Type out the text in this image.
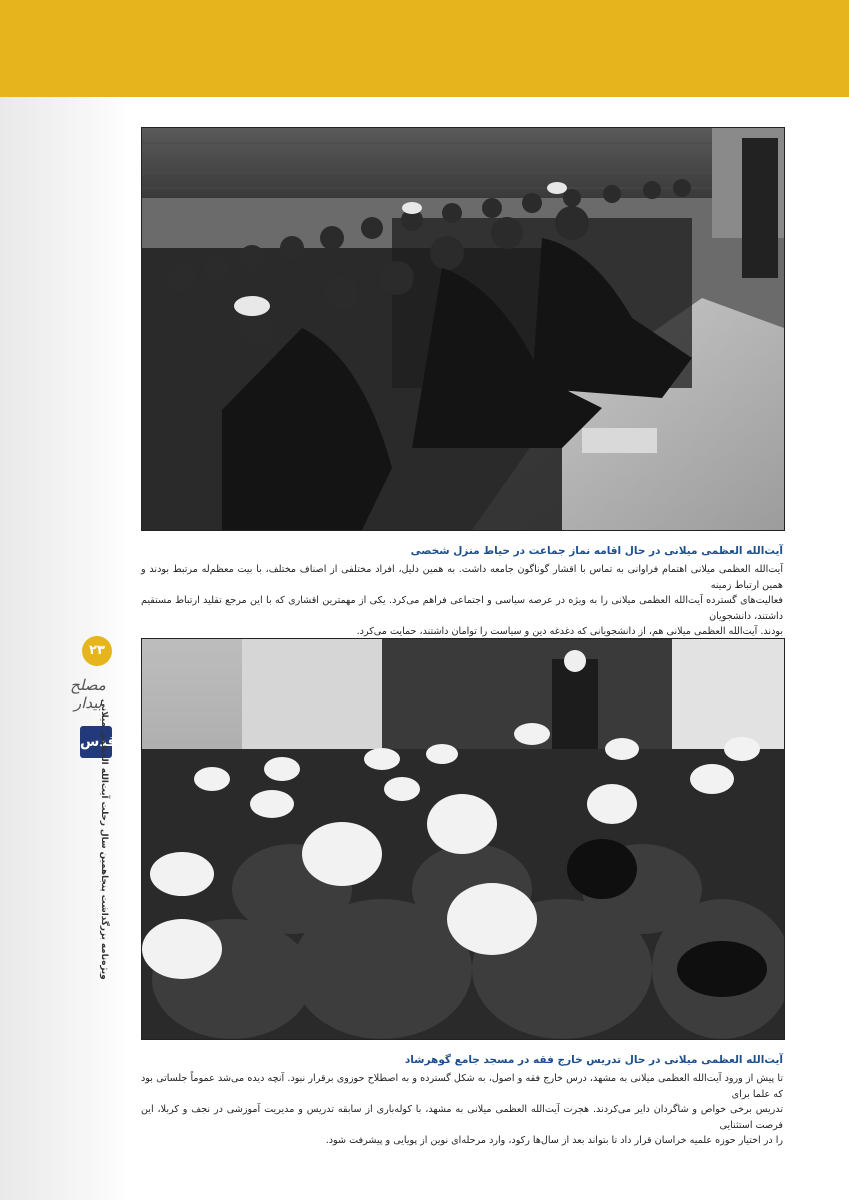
آیت‌الله العظمی میلانی در حال اقامه نماز جماعت در حیاط منزل شخصی

آیت‌الله العظمی میلانی اهتمام فراوانی به تماس با اقشار گوناگون جامعه داشت. به همین دلیل، افراد مختلفی از اصناف مختلف، با بیت معظم‌له مرتبط بودند و همین ارتباط زمینه

فعالیت‌های گسترده آیت‌الله العظمی میلانی را به ویژه در عرصه سیاسی و اجتماعی فراهم می‌کرد. یکی از مهمترین اقشاری که با این مرجع تقلید ارتباط مستقیم داشتند، دانشجویان

بودند. آیت‌الله العظمی میلانی هم، از دانشجویانی که دغدغه دین و سیاست را توامان داشتند، حمایت می‌کرد.

آیت‌الله العظمی میلانی در حال تدریس خارج فقه در مسجد جامع گوهرشاد

تا پیش از ورود آیت‌الله العظمی میلانی به مشهد، درس خارج فقه و اصول، به شکل گسترده و به اصطلاح حوزوی برقرار نبود. آنچه دیده می‌شد عموماً جلساتی بود که علما برای

تدریس برخی خواص و شاگردان دایر می‌کردند. هجرت آیت‌الله العظمی میلانی به مشهد، با کوله‌باری از سابقه تدریس و مدیریت آموزشی در نجف و کربلا، این فرصت استثنایی

را در اختیار حوزه علمیه خراسان قرار داد تا بتواند بعد از سال‌ها رکود، وارد مرحله‌ای نوین از پویایی و پیشرفت شود.

۲۳
مصلح بیدار
قدس
ویژه‌نامه بزرگداشت پنجاهمین سال رحلت آیت‌الله العظمی میلانی
